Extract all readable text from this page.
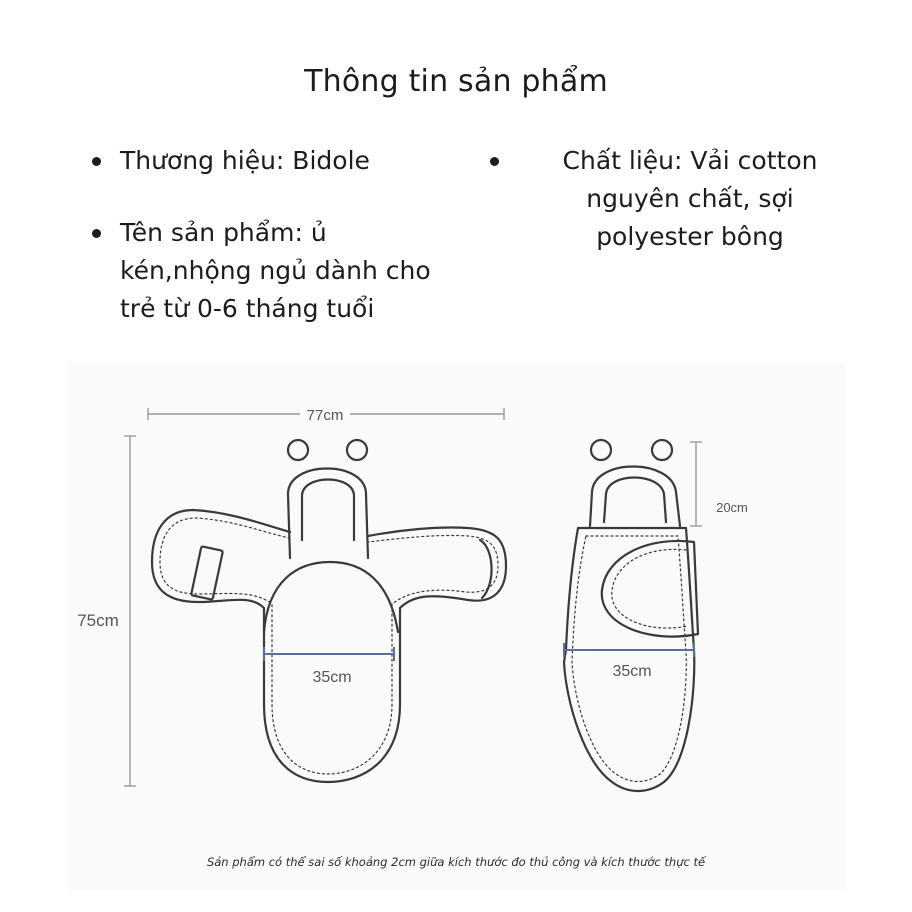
Thông tin sản phẩm
Thương hiệu: Bidole
Tên sản phẩm: ủ kén,nhộng ngủ dành cho trẻ từ 0-6 tháng tuổi
Chất liệu: Vải cotton nguyên chất, sợi polyester bông
77cm
75cm
35cm
20cm
35cm
Sản phẩm có thể sai số khoảng 2cm giữa kích thước đo thủ công và kích thước thực tế
